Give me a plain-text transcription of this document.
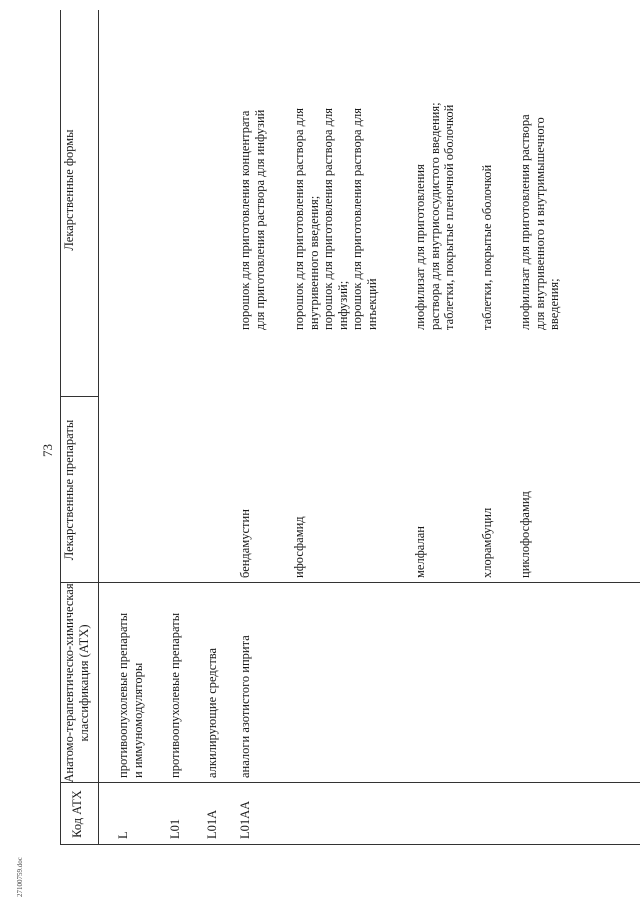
73
Код АТХ
Анатомо-терапевтическо-химическая классификация (АТХ)
Лекарственные препараты
Лекарственные формы
L
противоопухолевые препараты
и иммуномодуляторы
L01
противоопухолевые препараты
L01A
алкилирующие средства
L01AA
аналоги азотистого иприта
бендамустин
порошок для приготовления концентрата
для приготовления раствора для инфузий
ифосфамид
порошок для приготовления раствора для
внутривенного введения;
порошок для приготовления раствора для
инфузий;
порошок для приготовления раствора для
инъекций
мелфалан
лиофилизат для приготовления
раствора для внутрисосудистого введения;
таблетки, покрытые пленочной оболочкой
хлорамбуцил
таблетки, покрытые оболочкой
циклофосфамид
лиофилизат для приготовления раствора
для внутривенного и внутримышечного
введения;
27100759.doc
